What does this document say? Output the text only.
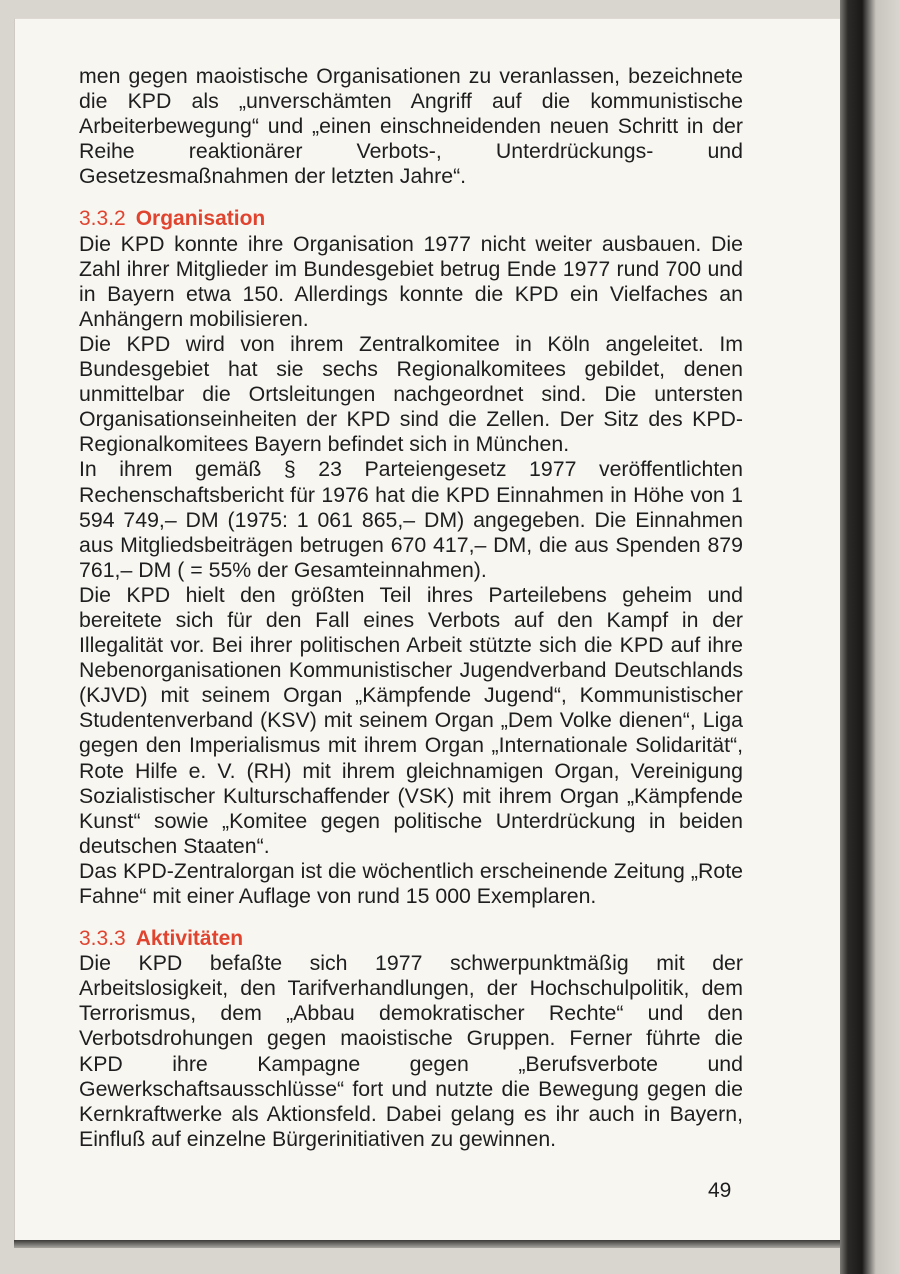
men gegen maoistische Organisationen zu veranlassen, bezeichnete die KPD als „unverschämten Angriff auf die kommunistische Arbeiterbewegung“ und „einen einschneidenden neuen Schritt in der Reihe reaktionärer Verbots-, Unterdrückungs- und Gesetzesmaßnahmen der letzten Jahre“.

3.3.2 Organisation

Die KPD konnte ihre Organisation 1977 nicht weiter ausbauen. Die Zahl ihrer Mitglieder im Bundesgebiet betrug Ende 1977 rund 700 und in Bayern etwa 150. Allerdings konnte die KPD ein Vielfaches an Anhängern mobilisieren.

Die KPD wird von ihrem Zentralkomitee in Köln angeleitet. Im Bundesgebiet hat sie sechs Regionalkomitees gebildet, denen unmittelbar die Ortsleitungen nachgeordnet sind. Die untersten Organisationseinheiten der KPD sind die Zellen. Der Sitz des KPD-Regionalkomitees Bayern befindet sich in München.

In ihrem gemäß § 23 Parteiengesetz 1977 veröffentlichten Rechenschaftsbericht für 1976 hat die KPD Einnahmen in Höhe von 1 594 749,– DM (1975: 1 061 865,– DM) angegeben. Die Einnahmen aus Mitgliedsbeiträgen betrugen 670 417,– DM, die aus Spenden 879 761,– DM ( = 55% der Gesamteinnahmen).

Die KPD hielt den größten Teil ihres Parteilebens geheim und bereitete sich für den Fall eines Verbots auf den Kampf in der Illegalität vor. Bei ihrer politischen Arbeit stützte sich die KPD auf ihre Nebenorganisationen Kommunistischer Jugendverband Deutschlands (KJVD) mit seinem Organ „Kämpfende Jugend“, Kommunistischer Studentenverband (KSV) mit seinem Organ „Dem Volke dienen“, Liga gegen den Imperialismus mit ihrem Organ „Internationale Solidarität“, Rote Hilfe e. V. (RH) mit ihrem gleichnamigen Organ, Vereinigung Sozialistischer Kulturschaffender (VSK) mit ihrem Organ „Kämpfende Kunst“ sowie „Komitee gegen politische Unterdrückung in beiden deutschen Staaten“.

Das KPD-Zentralorgan ist die wöchentlich erscheinende Zeitung „Rote Fahne“ mit einer Auflage von rund 15 000 Exemplaren.

3.3.3 Aktivitäten

Die KPD befaßte sich 1977 schwerpunktmäßig mit der Arbeitslosigkeit, den Tarifverhandlungen, der Hochschulpolitik, dem Terrorismus, dem „Abbau demokratischer Rechte“ und den Verbotsdrohungen gegen maoistische Gruppen. Ferner führte die KPD ihre Kampagne gegen „Berufsverbote und Gewerkschaftsausschlüsse“ fort und nutzte die Bewegung gegen die Kernkraftwerke als Aktionsfeld. Dabei gelang es ihr auch in Bayern, Einfluß auf einzelne Bürgerinitiativen zu gewinnen.

49
